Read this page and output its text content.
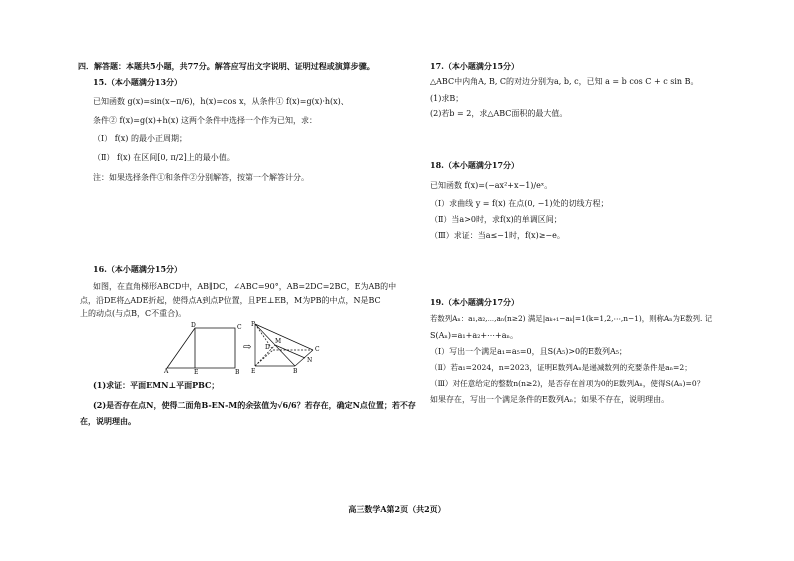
四．解答题：本题共5小题，共77分。解答应写出文字说明、证明过程或演算步骤。
15.（本小题满分13分）
已知函数 g(x)=sin(x−π/6)，h(x)=cos x，从条件① f(x)=g(x)·h(x)、
条件② f(x)=g(x)+h(x) 这两个条件中选择一个作为已知，求：
（Ⅰ） f(x) 的最小正周期；
（Ⅱ） f(x) 在区间[0, π/2]上的最小值。
注：如果选择条件①和条件②分别解答，按第一个解答计分。
16.（本小题满分15分）
如图，在直角梯形ABCD中，AB∥DC，∠ABC=90°，AB=2DC=2BC，E为AB的中
点，沿DE将△ADE折起，使得点A到点P位置，且PE⊥EB，M为PB的中点，N是BC
上的动点(与点B，C不重合)。
A
D	C
E	B
⇨
P
M
N
C
D
E	B
(1)求证：平面EMN⊥平面PBC；
(2)是否存在点N，使得二面角B-EN-M的余弦值为√6/6？若存在，确定N点位置；若不存
在，说明理由。
17.（本小题满分15分）
△ABC中内角A, B, C的对边分别为a, b, c，已知 a = b cos C + c sin B。
(1)求B；
(2)若b = 2，求△ABC面积的最大值。
18.（本小题满分17分）
已知函数 f(x)=(−ax²+x−1)/eˣ。
（Ⅰ）求曲线 y = f(x) 在点(0, −1)处的切线方程；
（Ⅱ）当a>0时，求f(x)的单调区间；
（Ⅲ）求证：当a≤−1时，f(x)≥−e。
19.（本小题满分17分）
若数列Aₙ：a₁,a₂,⋯,aₙ(n≥2) 满足|aₖ₊₁−aₖ|=1(k=1,2,⋯,n−1)，则称Aₙ为E数列. 记
S(Aₙ)=a₁+a₂+⋯+aₙ。
（Ⅰ）写出一个满足a₁=a₅=0，且S(A₅)>0的E数列A₅；
（Ⅱ）若a₁=2024，n=2023，证明E数列Aₙ是递减数列的充要条件是aₙ=2；
（Ⅲ）对任意给定的整数n(n≥2)，是否存在首项为0的E数列Aₙ，使得S(Aₙ)=0？
如果存在，写出一个满足条件的E数列Aₙ；如果不存在，说明理由。
高三数学A第2页（共2页）
